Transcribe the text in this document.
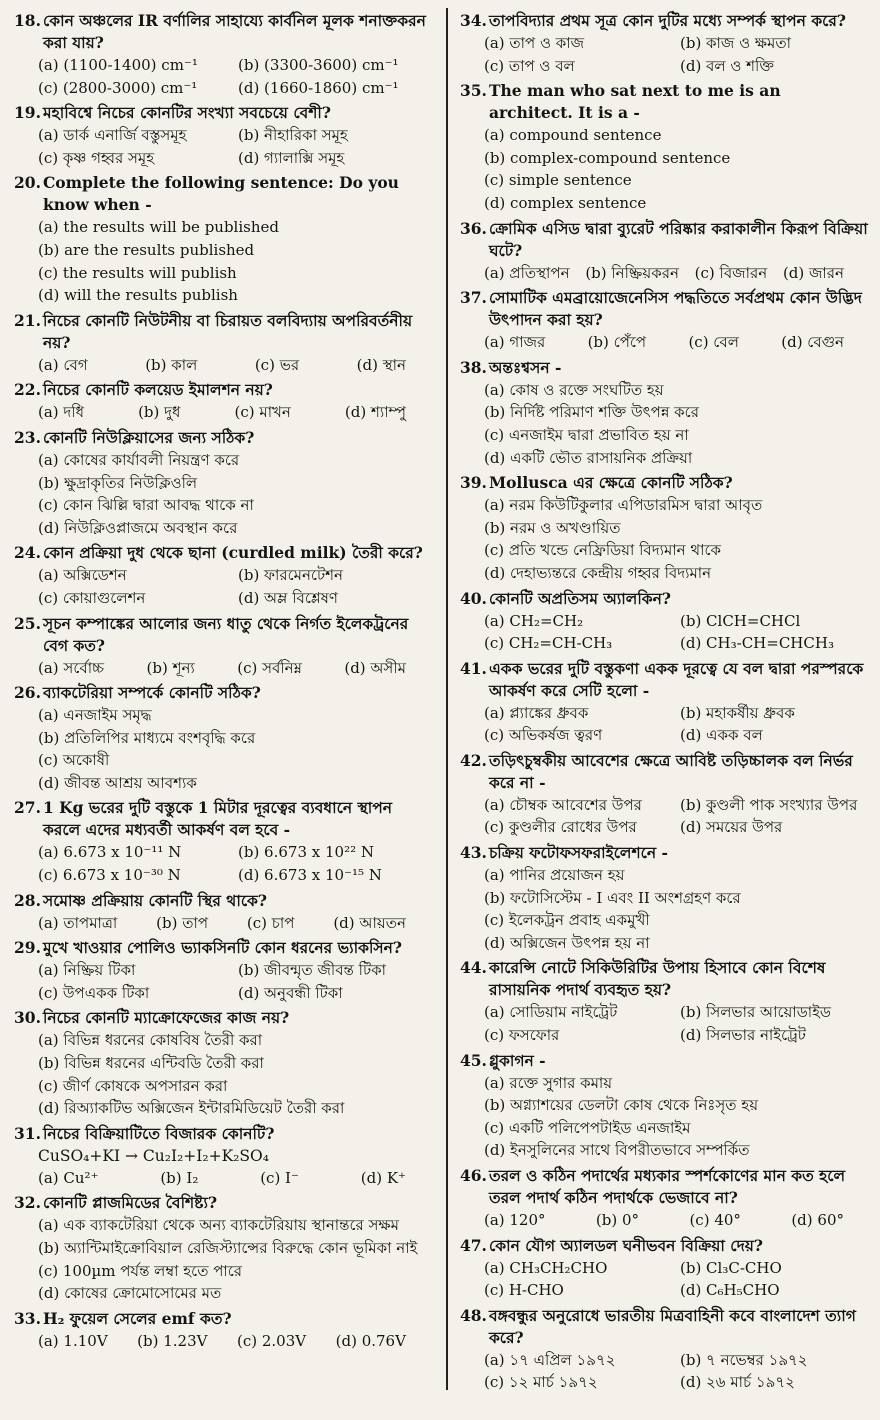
18. কোন অঞ্চলের IR বর্ণালির সাহায্যে কার্বনিল মূলক শনাক্তকরন করা যায়?
(a) (1100-1400) cm⁻¹	(b) (3300-3600) cm⁻¹
(c) (2800-3000) cm⁻¹	(d) (1660-1860) cm⁻¹
19. মহাবিশ্বে নিচের কোনটির সংখ্যা সবচেয়ে বেশী?
(a) ডার্ক এনার্জি বস্তুসমূহ	(b) নীহারিকা সমূহ
(c) কৃষ্ণ গহ্বর সমূহ	(d) গ্যালাক্সি সমূহ
20. Complete the following sentence: Do you know when -
(a) the results will be published
(b) are the results published
(c) the results will publish
(d) will the results publish
21. নিচের কোনটি নিউটনীয় বা চিরায়ত বলবিদ্যায় অপরিবর্তনীয় নয়?
(a) বেগ	(b) কাল	(c) ভর	(d) স্থান
22. নিচের কোনটি কলয়েড ইমালশন নয়?
(a) দধি	(b) দুধ	(c) মাখন	(d) শ্যাম্পু
23. কোনটি নিউক্লিয়াসের জন্য সঠিক?
(a) কোষের কার্যাবলী নিয়ন্ত্রণ করে
(b) ক্ষুদ্রাকৃতির নিউক্লিওলি
(c) কোন ঝিল্লি দ্বারা আবদ্ধ থাকে না
(d) নিউক্লিওপ্লাজমে অবস্থান করে
24. কোন প্রক্রিয়া দুধ থেকে ছানা (curdled milk) তৈরী করে?
(a) অক্সিডেশন	(b) ফারমেনটেশন
(c) কোয়াগুলেশন	(d) অম্ল বিশ্লেষণ
25. সূচন কম্পাঙ্কের আলোর জন্য ধাতু থেকে নির্গত ইলেকট্রনের বেগ কত?
(a) সর্বোচ্চ	(b) শূন্য	(c) সর্বনিম্ন	(d) অসীম
26. ব্যাকটেরিয়া সম্পর্কে কোনটি সঠিক?
(a) এনজাইম সমৃদ্ধ
(b) প্রতিলিপির মাধ্যমে বংশবৃদ্ধি করে
(c) অকোষী
(d) জীবন্ত আশ্রয় আবশ্যক
27. 1 Kg ভরের দুটি বস্তুকে 1 মিটার দূরত্বের ব্যবধানে স্থাপন করলে এদের মধ্যবর্তী আকর্ষণ বল হবে -
(a) 6.673 x 10⁻¹¹ N	(b) 6.673 x 10²² N
(c) 6.673 x 10⁻³⁰ N	(d) 6.673 x 10⁻¹⁵ N
28. সমোষ্ণ প্রক্রিয়ায় কোনটি স্থির থাকে?
(a) তাপমাত্রা	(b) তাপ	(c) চাপ	(d) আয়তন
29. মুখে খাওয়ার পোলিও ভ্যাকসিনটি কোন ধরনের ভ্যাকসিন?
(a) নিষ্ক্রিয় টিকা	(b) জীবন্মৃত জীবন্ত টিকা
(c) উপএকক টিকা	(d) অনুবন্ধী টিকা
30. নিচের কোনটি ম্যাক্রোফেজের কাজ নয়?
(a) বিভিন্ন ধরনের কোষবিষ তৈরী করা
(b) বিভিন্ন ধরনের এন্টিবডি তৈরী করা
(c) জীর্ণ কোষকে অপসারন করা
(d) রিঅ্যাকটিভ অক্সিজেন ইন্টারমিডিয়েট তৈরী করা
31. নিচের বিক্রিয়াটিতে বিজারক কোনটি?
CuSO₄+KI → Cu₂I₂+I₂+K₂SO₄
(a) Cu²⁺	(b) I₂	(c) I⁻	(d) K⁺
32. কোনটি প্লাজমিডের বৈশিষ্ট্য?
(a) এক ব্যাকটেরিয়া থেকে অন্য ব্যাকটেরিয়ায় স্থানান্তরে সক্ষম
(b) অ্যান্টিমাইক্রোবিয়াল রেজিস্ট্যান্সের বিরুদ্ধে কোন ভূমিকা নাই
(c) 100µm পর্যন্ত লম্বা হতে পারে
(d) কোষের ক্রোমোসোমের মত
33. H₂ ফুয়েল সেলের emf কত?
(a) 1.10V (b) 1.23V (c) 2.03V (d) 0.76V
34. তাপবিদ্যার প্রথম সূত্র কোন দুটির মধ্যে সম্পর্ক স্থাপন করে?
(a) তাপ ও কাজ	(b) কাজ ও ক্ষমতা
(c) তাপ ও বল	(d) বল ও শক্তি
35. The man who sat next to me is an architect. It is a -
(a) compound sentence
(b) complex-compound sentence
(c) simple sentence
(d) complex sentence
36. ক্রোমিক এসিড দ্বারা ব্যুরেট পরিষ্কার করাকালীন কিরূপ বিক্রিয়া ঘটে?
(a) প্রতিস্থাপন (b) নিষ্ক্রিয়করন (c) বিজারন (d) জারন
37. সোমাটিক এমব্রায়োজেনেসিস পদ্ধতিতে সর্বপ্রথম কোন উদ্ভিদ উৎপাদন করা হয়?
(a) গাজর	(b) পেঁপে	(c) বেল	(d) বেগুন
38. অন্তঃশ্বসন -
(a) কোষ ও রক্তে সংঘটিত হয়
(b) নির্দিষ্ট পরিমাণ শক্তি উৎপন্ন করে
(c) এনজাইম দ্বারা প্রভাবিত হয় না
(d) একটি ভৌত রাসায়নিক প্রক্রিয়া
39. Mollusca এর ক্ষেত্রে কোনটি সঠিক?
(a) নরম কিউটিকুলার এপিডারমিস দ্বারা আবৃত
(b) নরম ও অখণ্ডায়িত
(c) প্রতি খন্ডে নেফ্রিডিয়া বিদ্যমান থাকে
(d) দেহাভ্যন্তরে কেন্দ্রীয় গহ্বর বিদ্যমান
40. কোনটি অপ্রতিসম অ্যালকিন?
(a) CH₂=CH₂	(b) ClCH=CHCl
(c) CH₂=CH-CH₃	(d) CH₃-CH=CHCH₃
41. একক ভরের দুটি বস্তুকণা একক দূরত্বে যে বল দ্বারা পরস্পরকে আকর্ষণ করে সেটি হলো -
(a) প্ল্যাঙ্কের ধ্রুবক	(b) মহাকর্ষীয় ধ্রুবক
(c) অভিকর্ষজ ত্বরণ	(d) একক বল
42. তড়িৎচুম্বকীয় আবেশের ক্ষেত্রে আবিষ্ট তড়িচ্চালক বল নির্ভর করে না -
(a) চৌম্বক আবেশের উপর	(b) কুণ্ডলী পাক সংখ্যার উপর
(c) কুণ্ডলীর রোধের উপর	(d) সময়ের উপর
43. চক্রিয় ফটোফসফরাইলেশনে -
(a) পানির প্রয়োজন হয়
(b) ফটোসিস্টেম - I এবং II অংশগ্রহণ করে
(c) ইলেকট্রন প্রবাহ একমুখী
(d) অক্সিজেন উৎপন্ন হয় না
44. কারেন্সি নোটে সিকিউরিটির উপায় হিসাবে কোন বিশেষ রাসায়নিক পদার্থ ব্যবহৃত হয়?
(a) সোডিয়াম নাইট্রেট	(b) সিলভার আয়োডাইড
(c) ফসফোর	(d) সিলভার নাইট্রেট
45. গ্লুকাগন -
(a) রক্তে সুগার কমায়
(b) অগ্ন্যাশয়ের ডেলটা কোষ থেকে নিঃসৃত হয়
(c) একটি পলিপেপটাইড এনজাইম
(d) ইনসুলিনের সাথে বিপরীতভাবে সম্পর্কিত
46. তরল ও কঠিন পদার্থের মধ্যকার স্পর্শকোণের মান কত হলে তরল পদার্থ কঠিন পদার্থকে ভেজাবে না?
(a) 120°	(b) 0°	(c) 40°	(d) 60°
47. কোন যৌগ অ্যালডল ঘনীভবন বিক্রিয়া দেয়?
(a) CH₃CH₂CHO	(b) Cl₃C-CHO
(c) H-CHO	(d) C₆H₅CHO
48. বঙ্গবন্ধুর অনুরোধে ভারতীয় মিত্রবাহিনী কবে বাংলাদেশ ত্যাগ করে?
(a) ১৭ এপ্রিল ১৯৭২	(b) ৭ নভেম্বর ১৯৭২
(c) ১২ মার্চ ১৯৭২	(d) ২৬ মার্চ ১৯৭২
